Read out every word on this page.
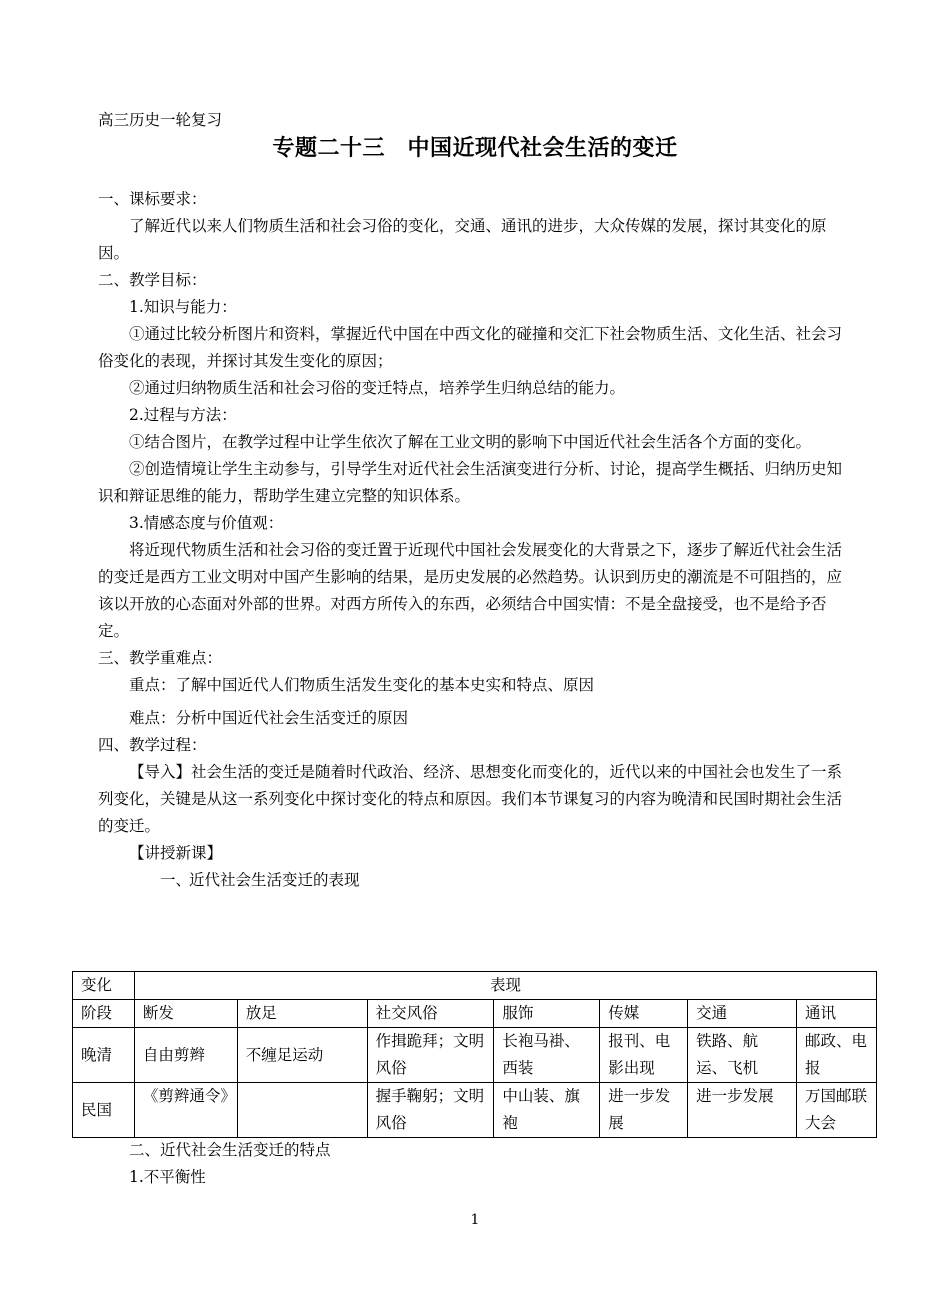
高三历史一轮复习
专题二十三　中国近现代社会生活的变迁

一、课标要求：

了解近代以来人们物质生活和社会习俗的变化，交通、通讯的进步，大众传媒的发展，探讨其变化的原因。

二、教学目标：

1.知识与能力：

①通过比较分析图片和资料，掌握近代中国在中西文化的碰撞和交汇下社会物质生活、文化生活、社会习俗变化的表现，并探讨其发生变化的原因；

②通过归纳物质生活和社会习俗的变迁特点，培养学生归纳总结的能力。

2.过程与方法：

①结合图片，在教学过程中让学生依次了解在工业文明的影响下中国近代社会生活各个方面的变化。

②创造情境让学生主动参与，引导学生对近代社会生活演变进行分析、讨论，提高学生概括、归纳历史知识和辩证思维的能力，帮助学生建立完整的知识体系。

3.情感态度与价值观：

将近现代物质生活和社会习俗的变迁置于近现代中国社会发展变化的大背景之下，逐步了解近代社会生活的变迁是西方工业文明对中国产生影响的结果，是历史发展的必然趋势。认识到历史的潮流是不可阻挡的，应该以开放的心态面对外部的世界。对西方所传入的东西，必须结合中国实情：不是全盘接受，也不是给予否定。

三、教学重难点：

重点：了解中国近代人们物质生活发生变化的基本史实和特点、原因

难点：分析中国近代社会生活变迁的原因

四、教学过程：

【导入】社会生活的变迁是随着时代政治、经济、思想变化而变化的，近代以来的中国社会也发生了一系列变化，关键是从这一系列变化中探讨变化的特点和原因。我们本节课复习的内容为晚清和民国时期社会生活的变迁。

【讲授新课】

一、近代社会生活变迁的表现

变化	表现						
阶段	断发	放足	社交风俗	服饰	传媒	交通	通讯
晚清	自由剪辫	不缠足运动	作揖跪拜；文明风俗	长袍马褂、西装	报刊、电影出现	铁路、航运、飞机	邮政、电报
民国	《剪辫通令》		握手鞠躬；文明风俗	中山装、旗袍	进一步发展	进一步发展	万国邮联大会

二、近代社会生活变迁的特点

1.不平衡性

1
